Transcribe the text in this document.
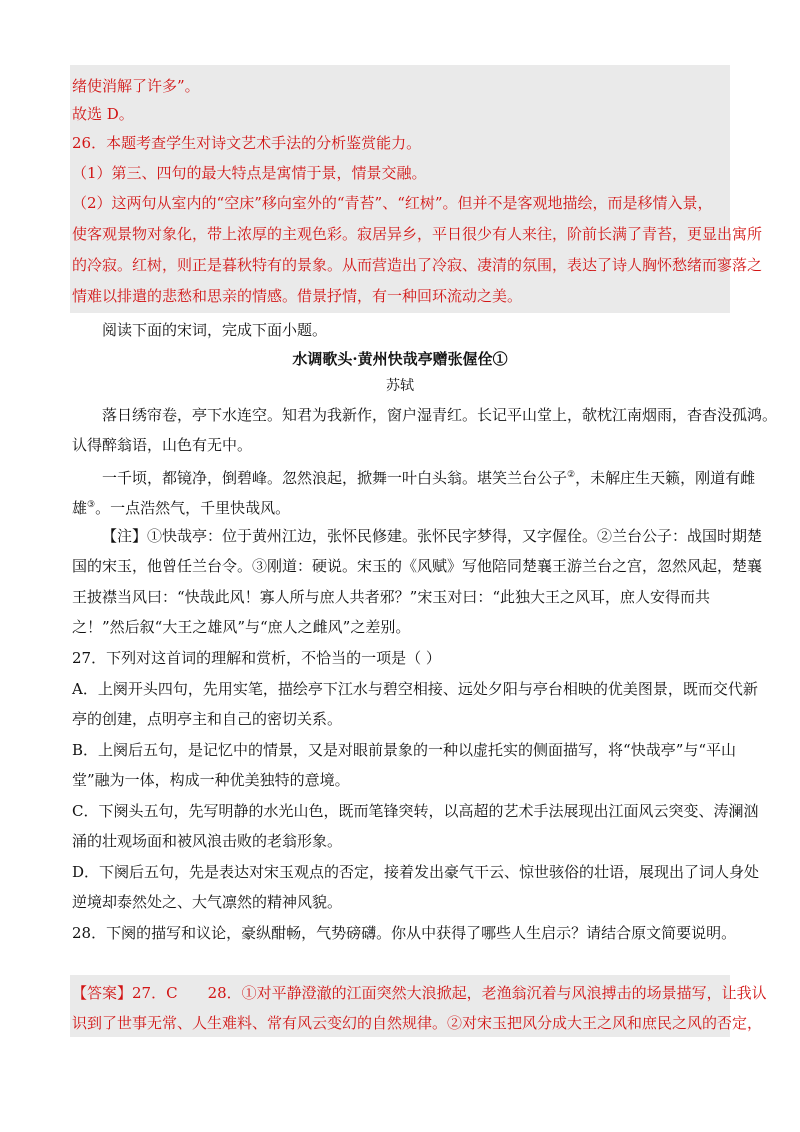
绪使消解了许多”。
故选 D。
26．本题考查学生对诗文艺术手法的分析鉴赏能力。
（1）第三、四句的最大特点是寓情于景，情景交融。
（2）这两句从室内的“空床”移向室外的“青苔”、“红树”。但并不是客观地描绘，而是移情入景，
使客观景物对象化，带上浓厚的主观色彩。寂居异乡，平日很少有人来往，阶前长满了青苔，更显出寓所
的冷寂。红树，则正是暮秋特有的景象。从而营造出了冷寂、凄清的氛围，表达了诗人胸怀愁绪而寥落之
情难以排遣的悲愁和思亲的情感。借景抒情，有一种回环流动之美。
阅读下面的宋词，完成下面小题。
水调歌头·黄州快哉亭赠张偓佺①
苏轼
落日绣帘卷，亭下水连空。知君为我新作，窗户湿青红。长记平山堂上，欹枕江南烟雨，杳杳没孤鸿。
认得醉翁语，山色有无中。
一千顷，都镜净，倒碧峰。忽然浪起，掀舞一叶白头翁。堪笑兰台公子②，未解庄生天籁，刚道有雌
雄③。一点浩然气，千里快哉风。
【注】①快哉亭：位于黄州江边，张怀民修建。张怀民字梦得，又字偓佺。②兰台公子：战国时期楚
国的宋玉，他曾任兰台令。③刚道：硬说。宋玉的《风赋》写他陪同楚襄王游兰台之宫，忽然风起，楚襄
王披襟当风曰：“快哉此风！寡人所与庶人共者邪？”宋玉对曰：“此独大王之风耳，庶人安得而共
之！”然后叙“大王之雄风”与“庶人之雌风”之差别。
27．下列对这首词的理解和赏析，不恰当的一项是（ ）
A．上阕开头四句，先用实笔，描绘亭下江水与碧空相接、远处夕阳与亭台相映的优美图景，既而交代新
亭的创建，点明亭主和自己的密切关系。
B．上阕后五句，是记忆中的情景，又是对眼前景象的一种以虚托实的侧面描写，将“快哉亭”与“平山
堂”融为一体，构成一种优美独特的意境。
C．下阕头五句，先写明静的水光山色，既而笔锋突转，以高超的艺术手法展现出江面风云突变、涛澜汹
涌的壮观场面和被风浪击败的老翁形象。
D．下阕后五句，先是表达对宋玉观点的否定，接着发出豪气干云、惊世骇俗的壮语，展现出了词人身处
逆境却泰然处之、大气凛然的精神风貌。
28．下阕的描写和议论，豪纵酣畅，气势磅礴。你从中获得了哪些人生启示？请结合原文简要说明。
【答案】27．C　　28．①对平静澄澈的江面突然大浪掀起，老渔翁沉着与风浪搏击的场景描写，让我认
识到了世事无常、人生难料、常有风云变幻的自然规律。②对宋玉把风分成大王之风和庶民之风的否定，
